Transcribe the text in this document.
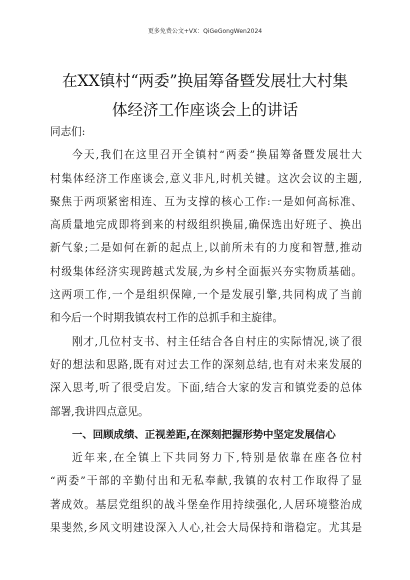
更多免费公文+VX：QiGeGongWen2024
在XX镇村“两委”换届筹备暨发展壮大村集
体经济工作座谈会上的讲话
同志们:
今天,我们在这里召开全镇村“两委”换届筹备暨发展壮大
村集体经济工作座谈会,意义非凡,时机关键。这次会议的主题,
聚焦于两项紧密相连、互为支撑的核心工作:一是如何高标准、
高质量地完成即将到来的村级组织换届,确保选出好班子、换出
新气象;二是如何在新的起点上,以前所未有的力度和智慧,推动
村级集体经济实现跨越式发展,为乡村全面振兴夯实物质基础。
这两项工作,一个是组织保障,一个是发展引擎,共同构成了当前
和今后一个时期我镇农村工作的总抓手和主旋律。
刚才,几位村支书、村主任结合各自村庄的实际情况,谈了很
好的想法和思路,既有对过去工作的深刻总结,也有对未来发展的
深入思考,听了很受启发。下面,结合大家的发言和镇党委的总体
部署,我讲四点意见。
一、回顾成绩、正视差距,在深刻把握形势中坚定发展信心
近年来,在全镇上下共同努力下,特别是依靠在座各位村
“两委”干部的辛勤付出和无私奉献,我镇的农村工作取得了显
著成效。基层党组织的战斗堡垒作用持续强化,人居环境整治成
果斐然,乡风文明建设深入人心,社会大局保持和谐稳定。尤其是
